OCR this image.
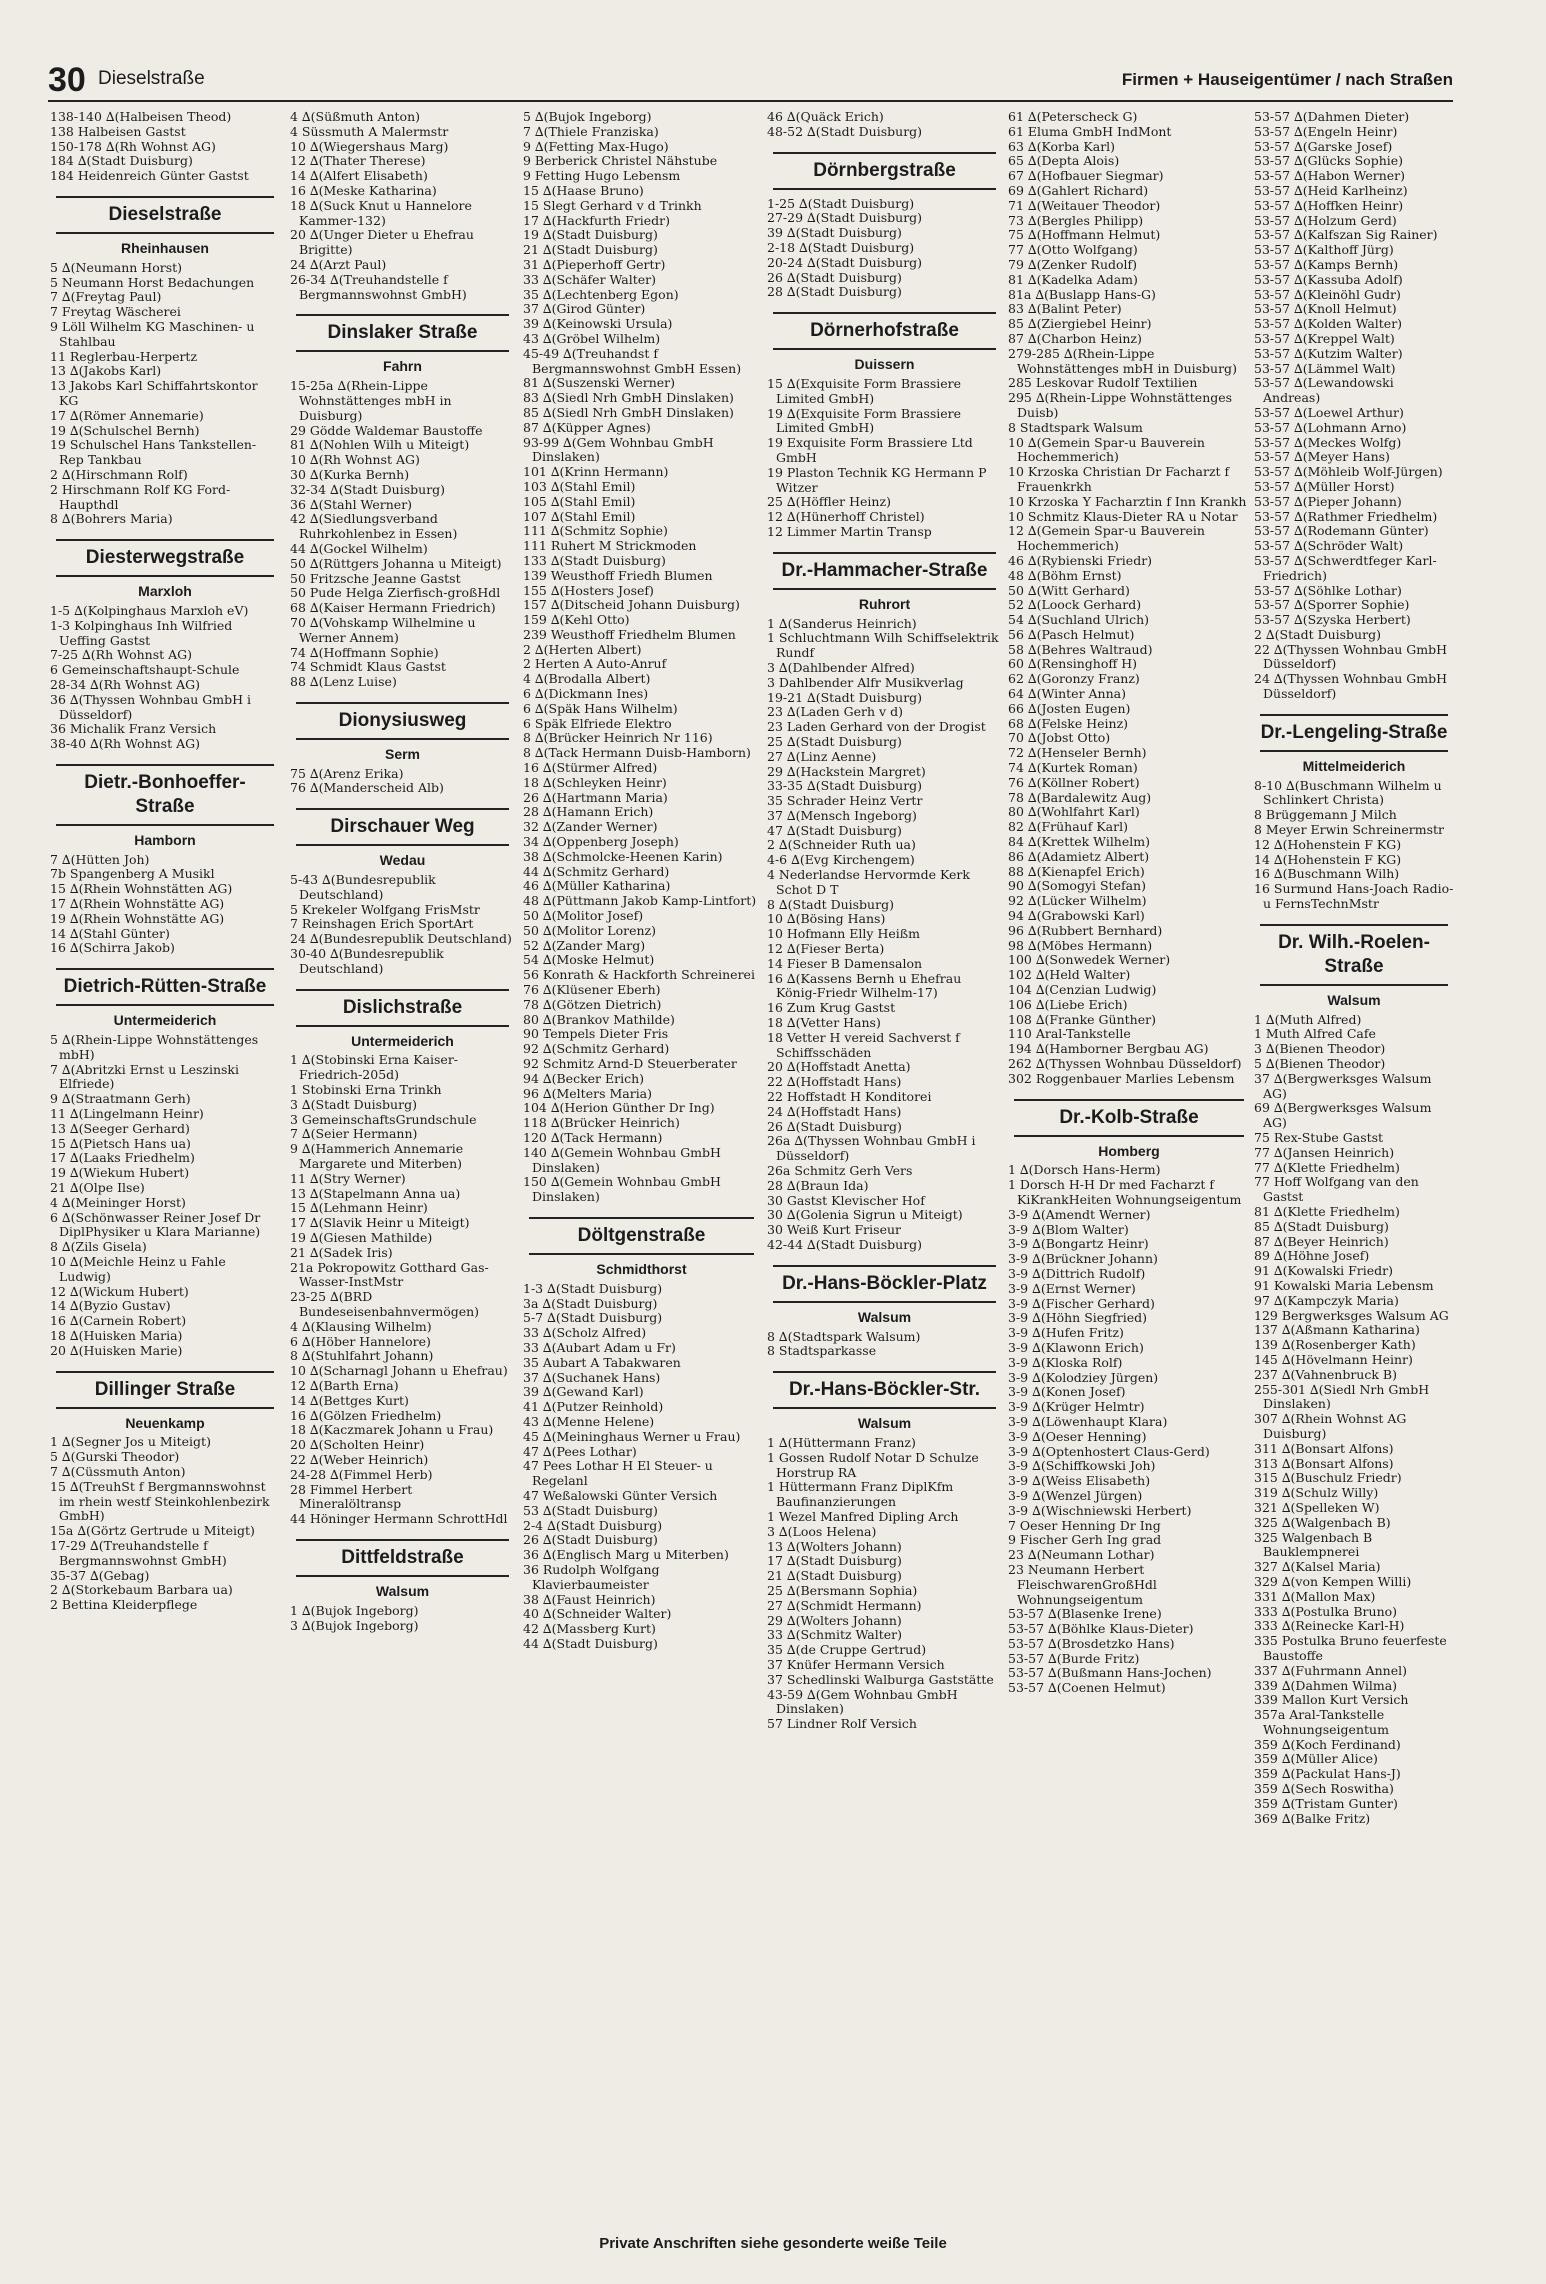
30 Dieselstraße	Firmen + Hauseigentümer / nach Straßen

138-140 ∆(Halbeisen Theod)

138 Halbeisen Gastst

150-178 ∆(Rh Wohnst AG)

184 ∆(Stadt Duisburg)

184 Heidenreich Günter Gastst

Dieselstraße
Rheinhausen

5 ∆(Neumann Horst)

5 Neumann Horst Bedachungen

7 ∆(Freytag Paul)

7 Freytag Wäscherei

9 Löll Wilhelm KG Maschinen- u Stahlbau

11 Reglerbau-Herpertz

13 ∆(Jakobs Karl)

13 Jakobs Karl Schiffahrtskontor KG

17 ∆(Römer Annemarie)

19 ∆(Schulschel Bernh)

19 Schulschel Hans Tankstellen-Rep Tankbau

2 ∆(Hirschmann Rolf)

2 Hirschmann Rolf KG Ford-Haupthdl

8 ∆(Bohrers Maria)

Diesterwegstraße
Marxloh

1-5 ∆(Kolpinghaus Marxloh eV)

1-3 Kolpinghaus Inh Wilfried Ueffing Gastst

7-25 ∆(Rh Wohnst AG)

6 Gemeinschaftshaupt-Schule

28-34 ∆(Rh Wohnst AG)

36 ∆(Thyssen Wohnbau GmbH i Düsseldorf)

36 Michalik Franz Versich

38-40 ∆(Rh Wohnst AG)

Dietr.-Bonhoeffer-Straße
Hamborn

7 ∆(Hütten Joh)

7b Spangenberg A Musikl

15 ∆(Rhein Wohnstätten AG)

17 ∆(Rhein Wohnstätte AG)

19 ∆(Rhein Wohnstätte AG)

14 ∆(Stahl Günter)

16 ∆(Schirra Jakob)

Dietrich-Rütten-Straße
Untermeiderich

5 ∆(Rhein-Lippe Wohnstättenges mbH)

7 ∆(Abritzki Ernst u Leszinski Elfriede)

9 ∆(Straatmann Gerh)

11 ∆(Lingelmann Heinr)

13 ∆(Seeger Gerhard)

15 ∆(Pietsch Hans ua)

17 ∆(Laaks Friedhelm)

19 ∆(Wiekum Hubert)

21 ∆(Olpe Ilse)

4 ∆(Meininger Horst)

6 ∆(Schönwasser Reiner Josef Dr DiplPhysiker u Klara Marianne)

8 ∆(Zils Gisela)

10 ∆(Meichle Heinz u Fahle Ludwig)

12 ∆(Wickum Hubert)

14 ∆(Byzio Gustav)

16 ∆(Carnein Robert)

18 ∆(Huisken Maria)

20 ∆(Huisken Marie)

Dillinger Straße
Neuenkamp

1 ∆(Segner Jos u Miteigt)

5 ∆(Gurski Theodor)

7 ∆(Cüssmuth Anton)

15 ∆(TreuhSt f Bergmannswohnst im rhein westf Steinkohlenbezirk GmbH)

15a ∆(Görtz Gertrude u Miteigt)

17-29 ∆(Treuhandstelle f Bergmannswohnst GmbH)

35-37 ∆(Gebag)

2 ∆(Storkebaum Barbara ua)

2 Bettina Kleiderpflege

4 ∆(Süßmuth Anton)

4 Süssmuth A Malermstr

10 ∆(Wiegershaus Marg)

12 ∆(Thater Therese)

14 ∆(Alfert Elisabeth)

16 ∆(Meske Katharina)

18 ∆(Suck Knut u Hannelore Kammer-132)

20 ∆(Unger Dieter u Ehefrau Brigitte)

24 ∆(Arzt Paul)

26-34 ∆(Treuhandstelle f Bergmannswohnst GmbH)

Dinslaker Straße
Fahrn

15-25a ∆(Rhein-Lippe Wohnstättenges mbH in Duisburg)

29 Gödde Waldemar Baustoffe

81 ∆(Nohlen Wilh u Miteigt)

10 ∆(Rh Wohnst AG)

30 ∆(Kurka Bernh)

32-34 ∆(Stadt Duisburg)

36 ∆(Stahl Werner)

42 ∆(Siedlungsverband Ruhrkohlenbez in Essen)

44 ∆(Gockel Wilhelm)

50 ∆(Rüttgers Johanna u Miteigt)

50 Fritzsche Jeanne Gastst

50 Pude Helga Zierfisch-großHdl

68 ∆(Kaiser Hermann Friedrich)

70 ∆(Vohskamp Wilhelmine u Werner Annem)

74 ∆(Hoffmann Sophie)

74 Schmidt Klaus Gastst

88 ∆(Lenz Luise)

Dionysiusweg
Serm

75 ∆(Arenz Erika)

76 ∆(Manderscheid Alb)

Dirschauer Weg
Wedau

5-43 ∆(Bundesrepublik Deutschland)

5 Krekeler Wolfgang FrisMstr

7 Reinshagen Erich SportArt

24 ∆(Bundesrepublik Deutschland)

30-40 ∆(Bundesrepublik Deutschland)

Dislichstraße
Untermeiderich

1 ∆(Stobinski Erna Kaiser-Friedrich-205d)

1 Stobinski Erna Trinkh

3 ∆(Stadt Duisburg)

3 GemeinschaftsGrundschule

7 ∆(Seier Hermann)

9 ∆(Hammerich Annemarie Margarete und Miterben)

11 ∆(Stry Werner)

13 ∆(Stapelmann Anna ua)

15 ∆(Lehmann Heinr)

17 ∆(Slavik Heinr u Miteigt)

19 ∆(Giesen Mathilde)

21 ∆(Sadek Iris)

21a Pokropowitz Gotthard Gas- Wasser-InstMstr

23-25 ∆(BRD Bundeseisenbahnvermögen)

4 ∆(Klausing Wilhelm)

6 ∆(Höber Hannelore)

8 ∆(Stuhlfahrt Johann)

10 ∆(Scharnagl Johann u Ehefrau)

12 ∆(Barth Erna)

14 ∆(Bettges Kurt)

16 ∆(Gölzen Friedhelm)

18 ∆(Kaczmarek Johann u Frau)

20 ∆(Scholten Heinr)

22 ∆(Weber Heinrich)

24-28 ∆(Fimmel Herb)

28 Fimmel Herbert Mineralöltransp

44 Höninger Hermann SchrottHdl

Dittfeldstraße
Walsum

1 ∆(Bujok Ingeborg)

3 ∆(Bujok Ingeborg)

5 ∆(Bujok Ingeborg)

7 ∆(Thiele Franziska)

9 ∆(Fetting Max-Hugo)

9 Berberick Christel Nähstube

9 Fetting Hugo Lebensm

15 ∆(Haase Bruno)

15 Slegt Gerhard v d Trinkh

17 ∆(Hackfurth Friedr)

19 ∆(Stadt Duisburg)

21 ∆(Stadt Duisburg)

31 ∆(Pieperhoff Gertr)

33 ∆(Schäfer Walter)

35 ∆(Lechtenberg Egon)

37 ∆(Girod Günter)

39 ∆(Keinowski Ursula)

43 ∆(Gröbel Wilhelm)

45-49 ∆(Treuhandst f Bergmannswohnst GmbH Essen)

81 ∆(Suszenski Werner)

83 ∆(Siedl Nrh GmbH Dinslaken)

85 ∆(Siedl Nrh GmbH Dinslaken)

87 ∆(Küpper Agnes)

93-99 ∆(Gem Wohnbau GmbH Dinslaken)

101 ∆(Krinn Hermann)

103 ∆(Stahl Emil)

105 ∆(Stahl Emil)

107 ∆(Stahl Emil)

111 ∆(Schmitz Sophie)

111 Ruhert M Strickmoden

133 ∆(Stadt Duisburg)

139 Weusthoff Friedh Blumen

155 ∆(Hosters Josef)

157 ∆(Ditscheid Johann Duisburg)

159 ∆(Kehl Otto)

239 Weusthoff Friedhelm Blumen

2 ∆(Herten Albert)

2 Herten A Auto-Anruf

4 ∆(Brodalla Albert)

6 ∆(Dickmann Ines)

6 ∆(Späk Hans Wilhelm)

6 Späk Elfriede Elektro

8 ∆(Brücker Heinrich Nr 116)

8 ∆(Tack Hermann Duisb-Hamborn)

16 ∆(Stürmer Alfred)

18 ∆(Schleyken Heinr)

26 ∆(Hartmann Maria)

28 ∆(Hamann Erich)

32 ∆(Zander Werner)

34 ∆(Oppenberg Joseph)

38 ∆(Schmolcke-Heenen Karin)

44 ∆(Schmitz Gerhard)

46 ∆(Müller Katharina)

48 ∆(Püttmann Jakob Kamp-Lintfort)

50 ∆(Molitor Josef)

50 ∆(Molitor Lorenz)

52 ∆(Zander Marg)

54 ∆(Moske Helmut)

56 Konrath & Hackforth Schreinerei

76 ∆(Klüsener Eberh)

78 ∆(Götzen Dietrich)

80 ∆(Brankov Mathilde)

90 Tempels Dieter Fris

92 ∆(Schmitz Gerhard)

92 Schmitz Arnd-D Steuerberater

94 ∆(Becker Erich)

96 ∆(Melters Maria)

104 ∆(Herion Günther Dr Ing)

118 ∆(Brücker Heinrich)

120 ∆(Tack Hermann)

140 ∆(Gemein Wohnbau GmbH Dinslaken)

150 ∆(Gemein Wohnbau GmbH Dinslaken)

Döltgenstraße
Schmidthorst

1-3 ∆(Stadt Duisburg)

3a ∆(Stadt Duisburg)

5-7 ∆(Stadt Duisburg)

33 ∆(Scholz Alfred)

33 ∆(Aubart Adam u Fr)

35 Aubart A Tabakwaren

37 ∆(Suchanek Hans)

39 ∆(Gewand Karl)

41 ∆(Putzer Reinhold)

43 ∆(Menne Helene)

45 ∆(Meininghaus Werner u Frau)

47 ∆(Pees Lothar)

47 Pees Lothar H El Steuer- u Regelanl

47 Weßalowski Günter Versich

53 ∆(Stadt Duisburg)

2-4 ∆(Stadt Duisburg)

26 ∆(Stadt Duisburg)

36 ∆(Englisch Marg u Miterben)

36 Rudolph Wolfgang Klavierbaumeister

38 ∆(Faust Heinrich)

40 ∆(Schneider Walter)

42 ∆(Massberg Kurt)

44 ∆(Stadt Duisburg)

46 ∆(Quäck Erich)

48-52 ∆(Stadt Duisburg)

Dörnbergstraße

1-25 ∆(Stadt Duisburg)

27-29 ∆(Stadt Duisburg)

39 ∆(Stadt Duisburg)

2-18 ∆(Stadt Duisburg)

20-24 ∆(Stadt Duisburg)

26 ∆(Stadt Duisburg)

28 ∆(Stadt Duisburg)

Dörnerhofstraße
Duissern

15 ∆(Exquisite Form Brassiere Limited GmbH)

19 ∆(Exquisite Form Brassiere Limited GmbH)

19 Exquisite Form Brassiere Ltd GmbH

19 Plaston Technik KG Hermann P Witzer

25 ∆(Höffler Heinz)

12 ∆(Hünerhoff Christel)

12 Limmer Martin Transp

Dr.-Hammacher-Straße
Ruhrort

1 ∆(Sanderus Heinrich)

1 Schluchtmann Wilh Schiffselektrik Rundf

3 ∆(Dahlbender Alfred)

3 Dahlbender Alfr Musikverlag

19-21 ∆(Stadt Duisburg)

23 ∆(Laden Gerh v d)

23 Laden Gerhard von der Drogist

25 ∆(Stadt Duisburg)

27 ∆(Linz Aenne)

29 ∆(Hackstein Margret)

33-35 ∆(Stadt Duisburg)

35 Schrader Heinz Vertr

37 ∆(Mensch Ingeborg)

47 ∆(Stadt Duisburg)

2 ∆(Schneider Ruth ua)

4-6 ∆(Evg Kirchengem)

4 Nederlandse Hervormde Kerk Schot D T

8 ∆(Stadt Duisburg)

10 ∆(Bösing Hans)

10 Hofmann Elly Heißm

12 ∆(Fieser Berta)

14 Fieser B Damensalon

16 ∆(Kassens Bernh u Ehefrau König-Friedr Wilhelm-17)

16 Zum Krug Gastst

18 ∆(Vetter Hans)

18 Vetter H vereid Sachverst f Schiffsschäden

20 ∆(Hoffstadt Anetta)

22 ∆(Hoffstadt Hans)

22 Hoffstadt H Konditorei

24 ∆(Hoffstadt Hans)

26 ∆(Stadt Duisburg)

26a ∆(Thyssen Wohnbau GmbH i Düsseldorf)

26a Schmitz Gerh Vers

28 ∆(Braun Ida)

30 Gastst Klevischer Hof

30 ∆(Golenia Sigrun u Miteigt)

30 Weiß Kurt Friseur

42-44 ∆(Stadt Duisburg)

Dr.-Hans-Böckler-Platz
Walsum

8 ∆(Stadtspark Walsum)

8 Stadtsparkasse

Dr.-Hans-Böckler-Str.
Walsum

1 ∆(Hüttermann Franz)

1 Gossen Rudolf Notar D Schulze Horstrup RA

1 Hüttermann Franz DiplKfm Baufinanzierungen

1 Wezel Manfred Dipling Arch

3 ∆(Loos Helena)

13 ∆(Wolters Johann)

17 ∆(Stadt Duisburg)

21 ∆(Stadt Duisburg)

25 ∆(Bersmann Sophia)

27 ∆(Schmidt Hermann)

29 ∆(Wolters Johann)

33 ∆(Schmitz Walter)

35 ∆(de Cruppe Gertrud)

37 Knüfer Hermann Versich

37 Schedlinski Walburga Gaststätte

43-59 ∆(Gem Wohnbau GmbH Dinslaken)

57 Lindner Rolf Versich

61 ∆(Peterscheck G)

61 Eluma GmbH IndMont

63 ∆(Korba Karl)

65 ∆(Depta Alois)

67 ∆(Hofbauer Siegmar)

69 ∆(Gahlert Richard)

71 ∆(Weitauer Theodor)

73 ∆(Bergles Philipp)

75 ∆(Hoffmann Helmut)

77 ∆(Otto Wolfgang)

79 ∆(Zenker Rudolf)

81 ∆(Kadelka Adam)

81a ∆(Buslapp Hans-G)

83 ∆(Balint Peter)

85 ∆(Ziergiebel Heinr)

87 ∆(Charbon Heinz)

279-285 ∆(Rhein-Lippe Wohnstättenges mbH in Duisburg)

285 Leskovar Rudolf Textilien

295 ∆(Rhein-Lippe Wohnstättenges Duisb)

8 Stadtspark Walsum

10 ∆(Gemein Spar-u Bauverein Hochemmerich)

10 Krzoska Christian Dr Facharzt f Frauenkrkh

10 Krzoska Y Facharztin f Inn Krankh

10 Schmitz Klaus-Dieter RA u Notar

12 ∆(Gemein Spar-u Bauverein Hochemmerich)

46 ∆(Rybienski Friedr)

48 ∆(Böhm Ernst)

50 ∆(Witt Gerhard)

52 ∆(Loock Gerhard)

54 ∆(Suchland Ulrich)

56 ∆(Pasch Helmut)

58 ∆(Behres Waltraud)

60 ∆(Rensinghoff H)

62 ∆(Goronzy Franz)

64 ∆(Winter Anna)

66 ∆(Josten Eugen)

68 ∆(Felske Heinz)

70 ∆(Jobst Otto)

72 ∆(Henseler Bernh)

74 ∆(Kurtek Roman)

76 ∆(Köllner Robert)

78 ∆(Bardalewitz Aug)

80 ∆(Wohlfahrt Karl)

82 ∆(Frühauf Karl)

84 ∆(Krettek Wilhelm)

86 ∆(Adamietz Albert)

88 ∆(Kienapfel Erich)

90 ∆(Somogyi Stefan)

92 ∆(Lücker Wilhelm)

94 ∆(Grabowski Karl)

96 ∆(Rubbert Bernhard)

98 ∆(Möbes Hermann)

100 ∆(Sonwedek Werner)

102 ∆(Held Walter)

104 ∆(Cenzian Ludwig)

106 ∆(Liebe Erich)

108 ∆(Franke Günther)

110 Aral-Tankstelle

194 ∆(Hamborner Bergbau AG)

262 ∆(Thyssen Wohnbau Düsseldorf)

302 Roggenbauer Marlies Lebensm

Dr.-Kolb-Straße
Homberg

1 ∆(Dorsch Hans-Herm)

1 Dorsch H-H Dr med Facharzt f KiKrankHeiten Wohnungseigentum

3-9 ∆(Amendt Werner)

3-9 ∆(Blom Walter)

3-9 ∆(Bongartz Heinr)

3-9 ∆(Brückner Johann)

3-9 ∆(Dittrich Rudolf)

3-9 ∆(Ernst Werner)

3-9 ∆(Fischer Gerhard)

3-9 ∆(Höhn Siegfried)

3-9 ∆(Hufen Fritz)

3-9 ∆(Klawonn Erich)

3-9 ∆(Kloska Rolf)

3-9 ∆(Kolodziey Jürgen)

3-9 ∆(Konen Josef)

3-9 ∆(Krüger Helmtr)

3-9 ∆(Löwenhaupt Klara)

3-9 ∆(Oeser Henning)

3-9 ∆(Optenhostert Claus-Gerd)

3-9 ∆(Schiffkowski Joh)

3-9 ∆(Weiss Elisabeth)

3-9 ∆(Wenzel Jürgen)

3-9 ∆(Wischniewski Herbert)

7 Oeser Henning Dr Ing

9 Fischer Gerh Ing grad

23 ∆(Neumann Lothar)

23 Neumann Herbert FleischwarenGroßHdl Wohnungseigentum

53-57 ∆(Blasenke Irene)

53-57 ∆(Böhlke Klaus-Dieter)

53-57 ∆(Brosdetzko Hans)

53-57 ∆(Burde Fritz)

53-57 ∆(Bußmann Hans-Jochen)

53-57 ∆(Coenen Helmut)

53-57 ∆(Dahmen Dieter)

53-57 ∆(Engeln Heinr)

53-57 ∆(Garske Josef)

53-57 ∆(Glücks Sophie)

53-57 ∆(Habon Werner)

53-57 ∆(Heid Karlheinz)

53-57 ∆(Hoffken Heinr)

53-57 ∆(Holzum Gerd)

53-57 ∆(Kalfszan Sig Rainer)

53-57 ∆(Kalthoff Jürg)

53-57 ∆(Kamps Bernh)

53-57 ∆(Kassuba Adolf)

53-57 ∆(Kleinöhl Gudr)

53-57 ∆(Knoll Helmut)

53-57 ∆(Kolden Walter)

53-57 ∆(Kreppel Walt)

53-57 ∆(Kutzim Walter)

53-57 ∆(Lämmel Walt)

53-57 ∆(Lewandowski Andreas)

53-57 ∆(Loewel Arthur)

53-57 ∆(Lohmann Arno)

53-57 ∆(Meckes Wolfg)

53-57 ∆(Meyer Hans)

53-57 ∆(Möhleib Wolf-Jürgen)

53-57 ∆(Müller Horst)

53-57 ∆(Pieper Johann)

53-57 ∆(Rathmer Friedhelm)

53-57 ∆(Rodemann Günter)

53-57 ∆(Schröder Walt)

53-57 ∆(Schwerdtfeger Karl-Friedrich)

53-57 ∆(Söhlke Lothar)

53-57 ∆(Sporrer Sophie)

53-57 ∆(Szyska Herbert)

2 ∆(Stadt Duisburg)

22 ∆(Thyssen Wohnbau GmbH Düsseldorf)

24 ∆(Thyssen Wohnbau GmbH Düsseldorf)

Dr.-Lengeling-Straße
Mittelmeiderich

8-10 ∆(Buschmann Wilhelm u Schlinkert Christa)

8 Brüggemann J Milch

8 Meyer Erwin Schreinermstr

12 ∆(Hohenstein F KG)

14 ∆(Hohenstein F KG)

16 ∆(Buschmann Wilh)

16 Surmund Hans-Joach Radio- u FernsTechnMstr

Dr. Wilh.-Roelen-Straße
Walsum

1 ∆(Muth Alfred)

1 Muth Alfred Cafe

3 ∆(Bienen Theodor)

5 ∆(Bienen Theodor)

37 ∆(Bergwerksges Walsum AG)

69 ∆(Bergwerksges Walsum AG)

75 Rex-Stube Gastst

77 ∆(Jansen Heinrich)

77 ∆(Klette Friedhelm)

77 Hoff Wolfgang van den Gastst

81 ∆(Klette Friedhelm)

85 ∆(Stadt Duisburg)

87 ∆(Beyer Heinrich)

89 ∆(Höhne Josef)

91 ∆(Kowalski Friedr)

91 Kowalski Maria Lebensm

97 ∆(Kampczyk Maria)

129 Bergwerksges Walsum AG

137 ∆(Aßmann Katharina)

139 ∆(Rosenberger Kath)

145 ∆(Hövelmann Heinr)

237 ∆(Vahnenbruck B)

255-301 ∆(Siedl Nrh GmbH Dinslaken)

307 ∆(Rhein Wohnst AG Duisburg)

311 ∆(Bonsart Alfons)

313 ∆(Bonsart Alfons)

315 ∆(Buschulz Friedr)

319 ∆(Schulz Willy)

321 ∆(Spelleken W)

325 ∆(Walgenbach B)

325 Walgenbach B Bauklempnerei

327 ∆(Kalsel Maria)

329 ∆(von Kempen Willi)

331 ∆(Mallon Max)

333 ∆(Postulka Bruno)

333 ∆(Reinecke Karl-H)

335 Postulka Bruno feuerfeste Baustoffe

337 ∆(Fuhrmann Annel)

339 ∆(Dahmen Wilma)

339 Mallon Kurt Versich

357a Aral-Tankstelle Wohnungseigentum

359 ∆(Koch Ferdinand)

359 ∆(Müller Alice)

359 ∆(Packulat Hans-J)

359 ∆(Sech Roswitha)

359 ∆(Tristam Gunter)

369 ∆(Balke Fritz)

Private Anschriften siehe gesonderte weiße Teile
